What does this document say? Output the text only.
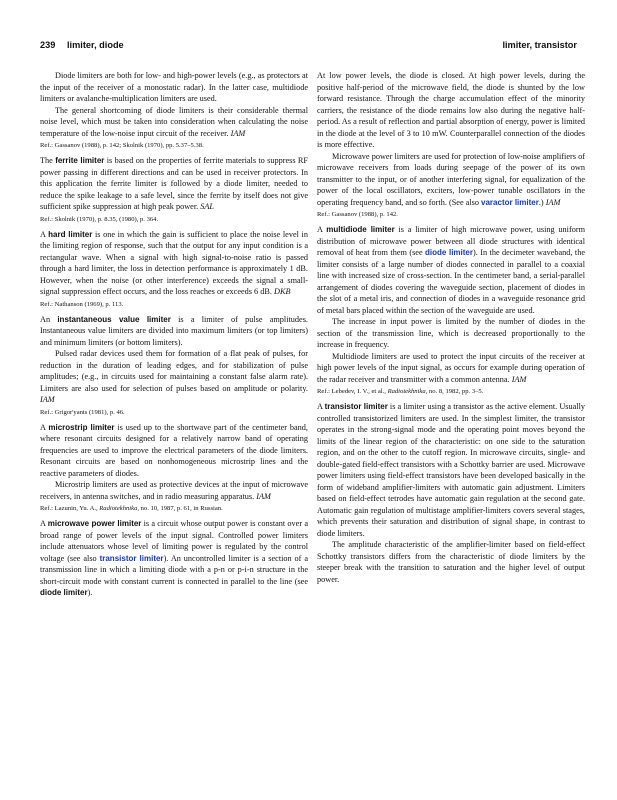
239 limiter, diode	limiter, transistor

Diode limiters are both for low- and high-power levels (e.g., as protectors at the input of the receiver of a monostatic radar). In the latter case, multidiode limiters or avalanche-multiplication limiters are used.

The general shortcoming of diode limiters is their considerable thermal noise level, which must be taken into consideration when calculating the noise temperature of the low-noise input circuit of the receiver. IAM

Ref.: Gassanov (1988), p. 142; Skolnik (1970), pp. 5.37–5.38.

The ferrite limiter is based on the properties of ferrite materials to suppress RF power passing in different directions and can be used in receiver protectors. In this application the ferrite limiter is followed by a diode limiter, needed to reduce the spike leakage to a safe level, since the ferrite by itself does not give sufficient spike suppression at high peak power. SAL

Ref.: Skolnik (1970), p. 8.35, (1980), p. 364.

A hard limiter is one in which the gain is sufficient to place the noise level in the limiting region of response, such that the output for any input condition is a rectangular wave. When a signal with high signal-to-noise ratio is passed through a hard limiter, the loss in detection performance is approximately 1 dB. However, when the noise (or other interference) exceeds the signal a small-signal suppression effect occurs, and the loss reaches or exceeds 6 dB. DKB

Ref.: Nathanson (1969), p. 113.

An instantaneous value limiter is a limiter of pulse amplitudes. Instantaneous value limiters are divided into maximum limiters (or top limiters) and minimum limiters (or bottom limiters).

Pulsed radar devices used them for formation of a flat peak of pulses, for reduction in the duration of leading edges, and for stabilization of pulse amplitudes; (e.g., in circuits used for maintaining a constant false alarm rate). Limiters are also used for selection of pulses based on amplitude or polarity. IAM

Ref.: Grigor'yants (1981), p. 46.

A microstrip limiter is used up to the shortwave part of the centimeter band, where resonant circuits designed for a relatively narrow band of operating frequencies are used to improve the electrical parameters of the diode limiters. Resonant circuits are based on nonhomogeneous microstrip lines and the reactive parameters of diodes.

Microstrip limiters are used as protective devices at the input of microwave receivers, in antenna switches, and in radio measuring apparatus. IAM

Ref.: Lazunin, Yu. A., Radiotekhnika, no. 10, 1987, p. 61, in Russian.

A microwave power limiter is a circuit whose output power is constant over a broad range of power levels of the input signal. Controlled power limiters include attenuators whose level of limiting power is regulated by the control voltage (see also transistor limiter). An uncontrolled limiter is a section of a transmission line in which a limiting diode with a p-n or p-i-n structure in the short-circuit mode with constant current is connected in parallel to the line (see diode limiter).

At low power levels, the diode is closed. At high power levels, during the positive half-period of the microwave field, the diode is shunted by the low forward resistance. Through the charge accumulation effect of the minority carriers, the resistance of the diode remains low also during the negative half-period. As a result of reflection and partial absorption of energy, power is limited in the diode at the level of 3 to 10 mW. Counterparallel connection of the diodes is more effective.

Microwave power limiters are used for protection of low-noise amplifiers of microwave receivers from loads during seepage of the power of its own transmitter to the input, or of another interfering signal, for equalization of the power of the local oscillators, exciters, low-power tunable oscillators in the operating frequency band, and so forth. (See also varactor limiter.) IAM

Ref.: Gassanov (1988), p. 142.

A multidiode limiter is a limiter of high microwave power, using uniform distribution of microwave power between all diode structures with identical removal of heat from them (see diode limiter). In the decimeter waveband, the limiter consists of a large number of diodes connected in parallel to a coaxial line with increased size of cross-section. In the centimeter band, a serial-parallel arrangement of diodes covering the waveguide section, placement of diodes in the slot of a metal iris, and connection of diodes in a waveguide resonance grid of metal bars placed within the section of the waveguide are used.

The increase in input power is limited by the number of diodes in the section of the transmission line, which is decreased proportionally to the increase in frequency.

Multidiode limiters are used to protect the input circuits of the receiver at high power levels of the input signal, as occurs for example during operation of the radar receiver and transmitter with a common antenna. IAM

Ref.: Lebedev, I. V., et al., Radiotekhnika, no. 8, 1982, pp. 3–5.

A transistor limiter is a limiter using a transistor as the active element. Usually controlled transistorized limiters are used. In the simplest limiter, the transistor operates in the strong-signal mode and the operating point moves beyond the limits of the linear region of the characteristic: on one side to the saturation region, and on the other to the cutoff region. In microwave circuits, single- and double-gated field-effect transistors with a Schottky barrier are used. Microwave power limiters using field-effect transistors have been developed basically in the form of wideband amplifier-limiters with automatic gain adjustment. Limiters based on field-effect tetrodes have automatic gain regulation at the second gate. Automatic gain regulation of multistage amplifier-limiters covers several stages, which prevents their saturation and distribution of signal shape, in contrast to diode limiters.

The amplitude characteristic of the amplifier-limiter based on field-effect Schottky transistors differs from the characteristic of diode limiters by the steeper break with the transition to saturation and the higher level of output power.
